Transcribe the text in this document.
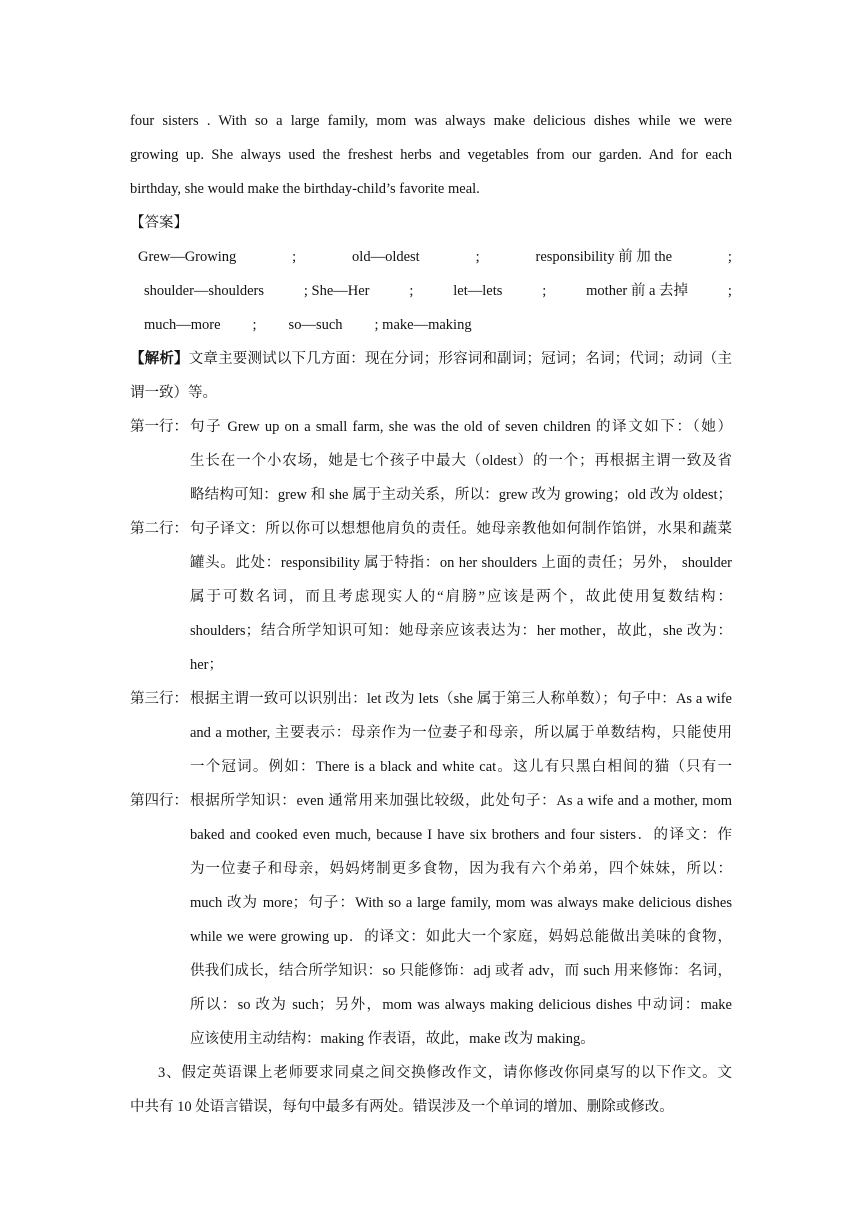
four sisters . With so a large family, mom was always make delicious dishes while we were
growing up. She always used the freshest herbs and vegetables from our garden. And for each
birthday, she would make the birthday-child’s favorite meal.
【答案】
Grew—Growing	;	old—oldest	;	responsibility 前 加 the	;
shoulder—shoulders	; She—Her	;	let—lets	;	mother 前 a 去掉	;
much—more ; so—such ; make—making
【解析】文章主要测试以下几方面：现在分词；形容词和副词；冠词；名词；代词；动词（主
谓一致）等。
第一行： 句子 Grew up on a small farm, she was the old of seven children 的译文如下：（她）
生长在一个小农场，她是七个孩子中最大（oldest）的一个；再根据主谓一致及省
略结构可知：grew 和 she 属于主动关系，所以：grew 改为 growing；old 改为 oldest；
第二行： 句子译文：所以你可以想想他肩负的责任。她母亲教他如何制作馅饼，水果和蔬菜
罐头。此处：responsibility 属于特指：on her shoulders 上面的责任；另外， shoulder
属于可数名词，而且考虑现实人的“肩膀”应该是两个，故此使用复数结构：
shoulders；结合所学知识可知：她母亲应该表达为：her mother，故此，she 改为：
her；
第三行： 根据主谓一致可以识别出：let 改为 lets（she 属于第三人称单数）；句子中：As a wife
and a mother, 主要表示：母亲作为一位妻子和母亲，所以属于单数结构，只能使用
一个冠词。例如：There is a black and white cat。这儿有只黑白相间的猫（只有一
第四行： 根据所学知识：even 通常用来加强比较级，此处句子：As a wife and a mother, mom
baked and cooked even much, because I have six brothers and four sisters．的译文：作
为一位妻子和母亲，妈妈烤制更多食物，因为我有六个弟弟，四个妹妹，所以：
much 改为 more；句子：With so a large family, mom was always make delicious dishes
while we were growing up．的译文：如此大一个家庭，妈妈总能做出美味的食物，
供我们成长，结合所学知识：so 只能修饰：adj 或者 adv，而 such 用来修饰：名词，
所以：so 改为 such；另外，mom was always making delicious dishes 中动词：make
应该使用主动结构：making 作表语，故此，make 改为 making。
3、假定英语课上老师要求同桌之间交换修改作文，请你修改你同桌写的以下作文。文
中共有 10 处语言错误，每句中最多有两处。错误涉及一个单词的增加、删除或修改。
